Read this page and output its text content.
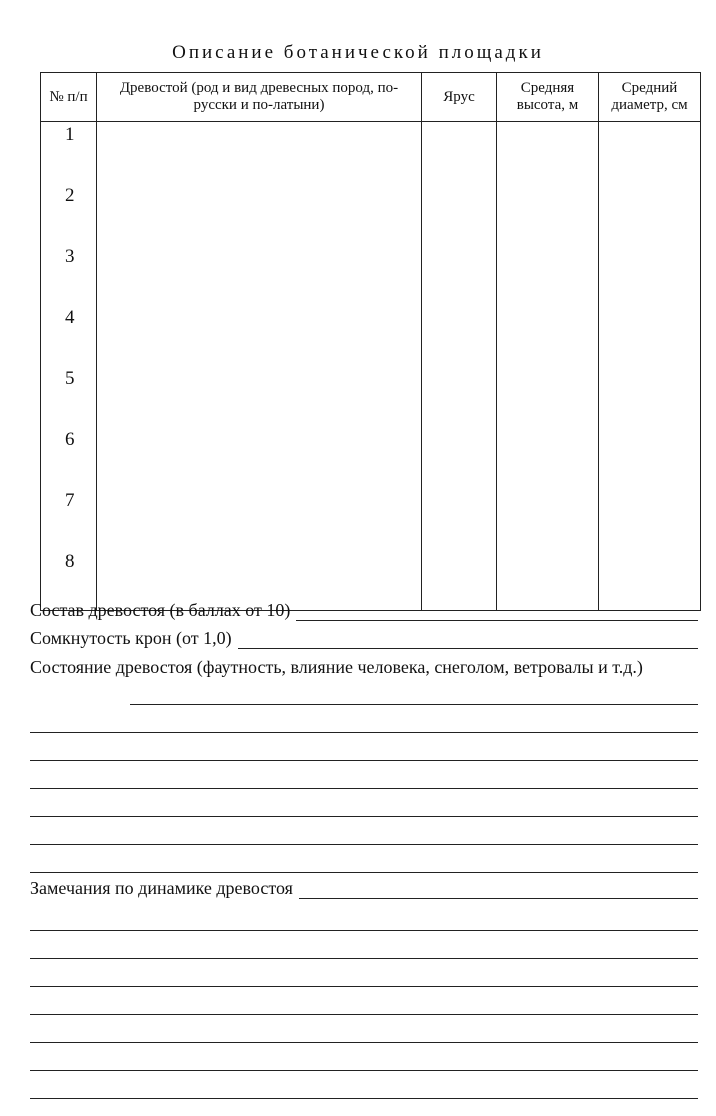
Описание ботанической площадки
№ п/п	Древостой (род и вид древесных пород, по-русски и по-латыни)	Ярус	Средняя высота, м	Средний диаметр, см
1				
2				
3				
4				
5				
6				
7				
8				
Состав древостоя (в баллах от 10)
Сомкнутость крон (от 1,0)
Состояние древостоя (фаутность, влияние человека, снеголом, ветровалы и т.д.)
Замечания по динамике древостоя
